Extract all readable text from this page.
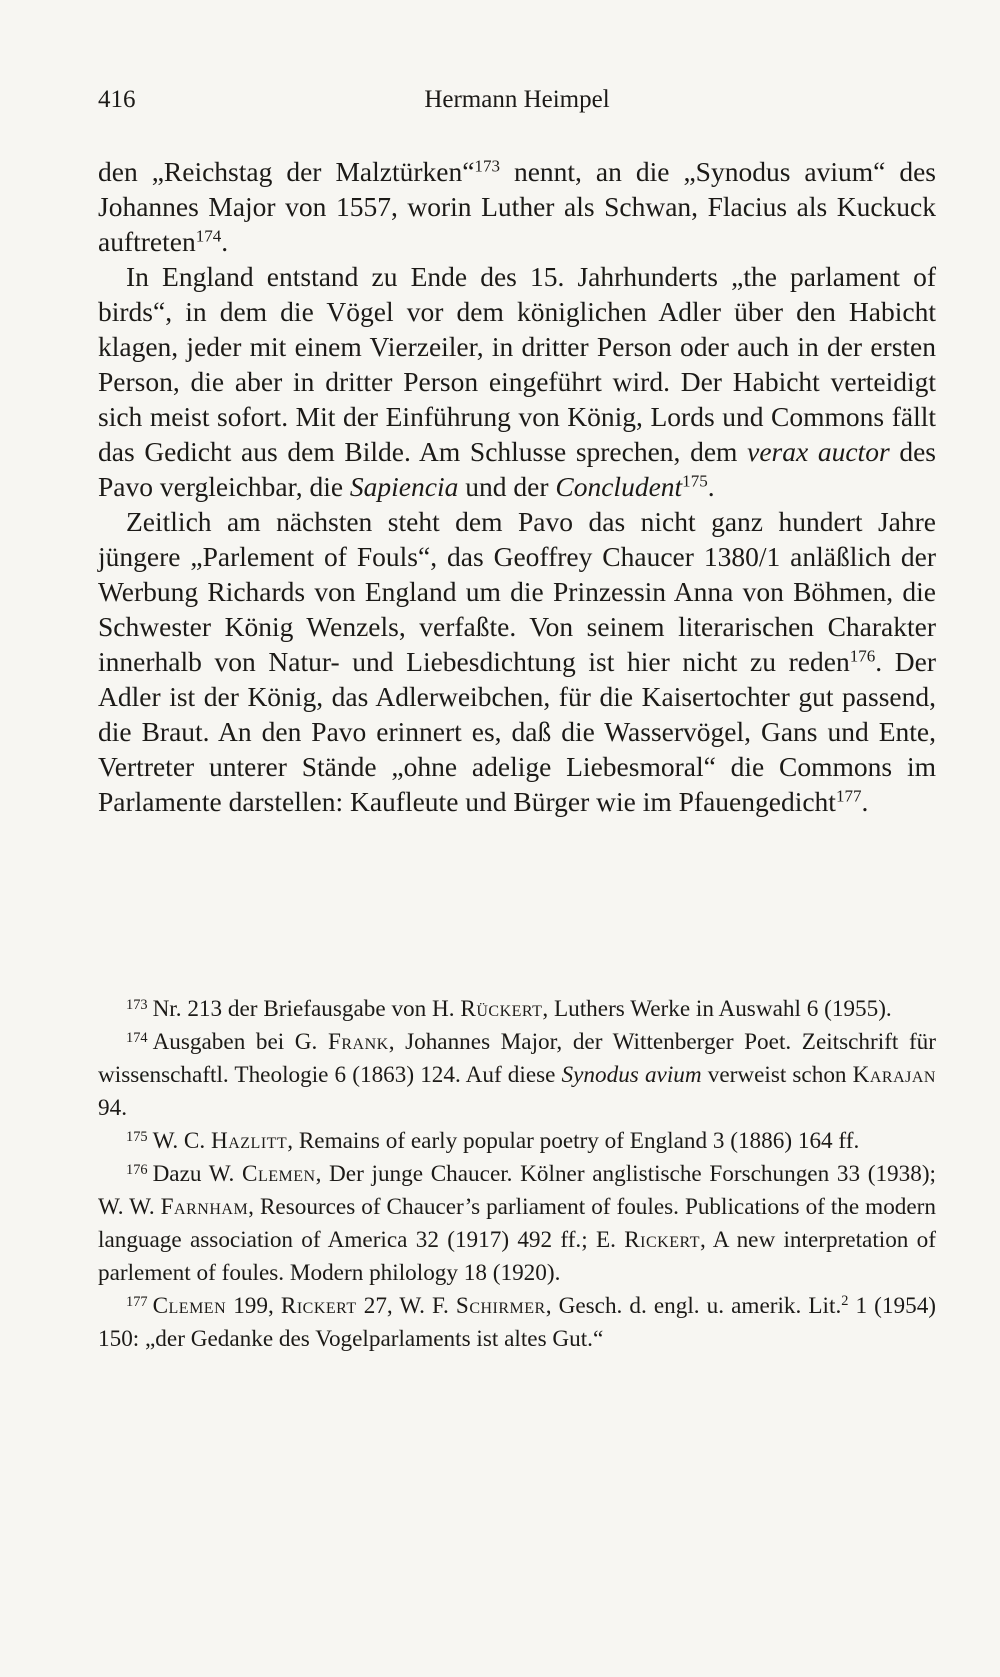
416	Hermann Heimpel

den „Reichstag der Malztürken“$^{173}$ nennt, an die „Synodus avium“ des Johannes Major von 1557, worin Luther als Schwan, Flacius als Kuckuck auftreten$^{174}$.

In England entstand zu Ende des 15. Jahrhunderts „the parlament of birds“, in dem die Vögel vor dem königlichen Adler über den Habicht klagen, jeder mit einem Vierzeiler, in dritter Person oder auch in der ersten Person, die aber in dritter Person eingeführt wird. Der Habicht verteidigt sich meist sofort. Mit der Einführung von König, Lords und Commons fällt das Gedicht aus dem Bilde. Am Schlusse sprechen, dem verax auctor des Pavo vergleichbar, die Sapiencia und der Concludent$^{175}$.

Zeitlich am nächsten steht dem Pavo das nicht ganz hundert Jahre jüngere „Parlement of Fouls“, das Geoffrey Chaucer 1380/1 anläßlich der Werbung Richards von England um die Prinzessin Anna von Böhmen, die Schwester König Wenzels, verfaßte. Von seinem literarischen Charakter innerhalb von Natur- und Liebesdichtung ist hier nicht zu reden$^{176}$. Der Adler ist der König, das Adlerweibchen, für die Kaisertochter gut passend, die Braut. An den Pavo erinnert es, daß die Wasservögel, Gans und Ente, Vertreter unterer Stände „ohne adelige Liebesmoral“ die Commons im Parlamente darstellen: Kaufleute und Bürger wie im Pfauengedicht$^{177}$.

$^{173}$ Nr. 213 der Briefausgabe von H. Rückert, Luthers Werke in Auswahl 6 (1955).

$^{174}$ Ausgaben bei G. Frank, Johannes Major, der Wittenberger Poet. Zeitschrift für wissenschaftl. Theologie 6 (1863) 124. Auf diese Synodus avium verweist schon Karajan 94.

$^{175}$ W. C. Hazlitt, Remains of early popular poetry of England 3 (1886) 164 ff.

$^{176}$ Dazu W. Clemen, Der junge Chaucer. Kölner anglistische Forschungen 33 (1938); W. W. Farnham, Resources of Chaucer’s parliament of foules. Publications of the modern language association of America 32 (1917) 492 ff.; E. Rickert, A new interpretation of parlement of foules. Modern philology 18 (1920).

$^{177}$ Clemen 199, Rickert 27, W. F. Schirmer, Gesch. d. engl. u. amerik. Lit.$^2$ 1 (1954) 150: „der Gedanke des Vogelparlaments ist altes Gut.“
